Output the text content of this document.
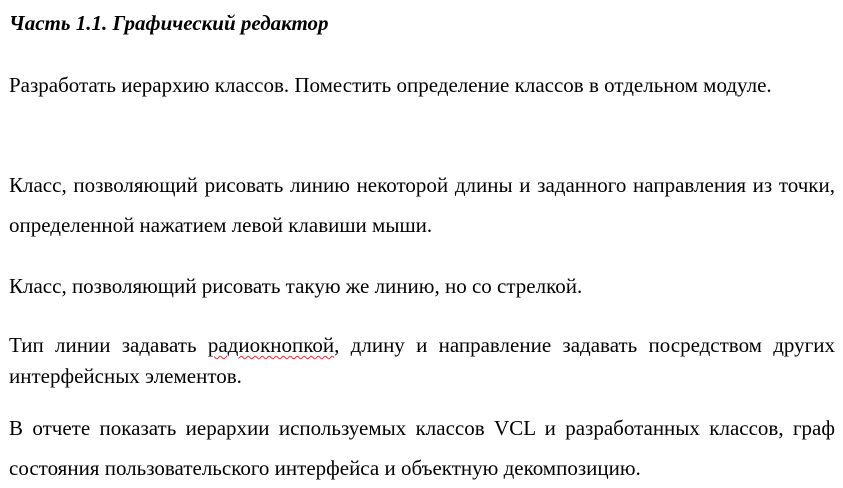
Часть 1.1. Графический редактор

Разработать иерархию классов. Поместить определение классов в отдельном модуле.

Класс, позволяющий рисовать линию некоторой длины и заданного направления из точки, определенной нажатием левой клавиши мыши.

Класс, позволяющий рисовать такую же линию, но со стрелкой.

Тип линии задавать радиокнопкой, длину и направление задавать посредством других интерфейсных элементов.

В отчете показать иерархии используемых классов VCL и разработанных классов, граф состояния пользовательского интерфейса и объектную декомпозицию.
